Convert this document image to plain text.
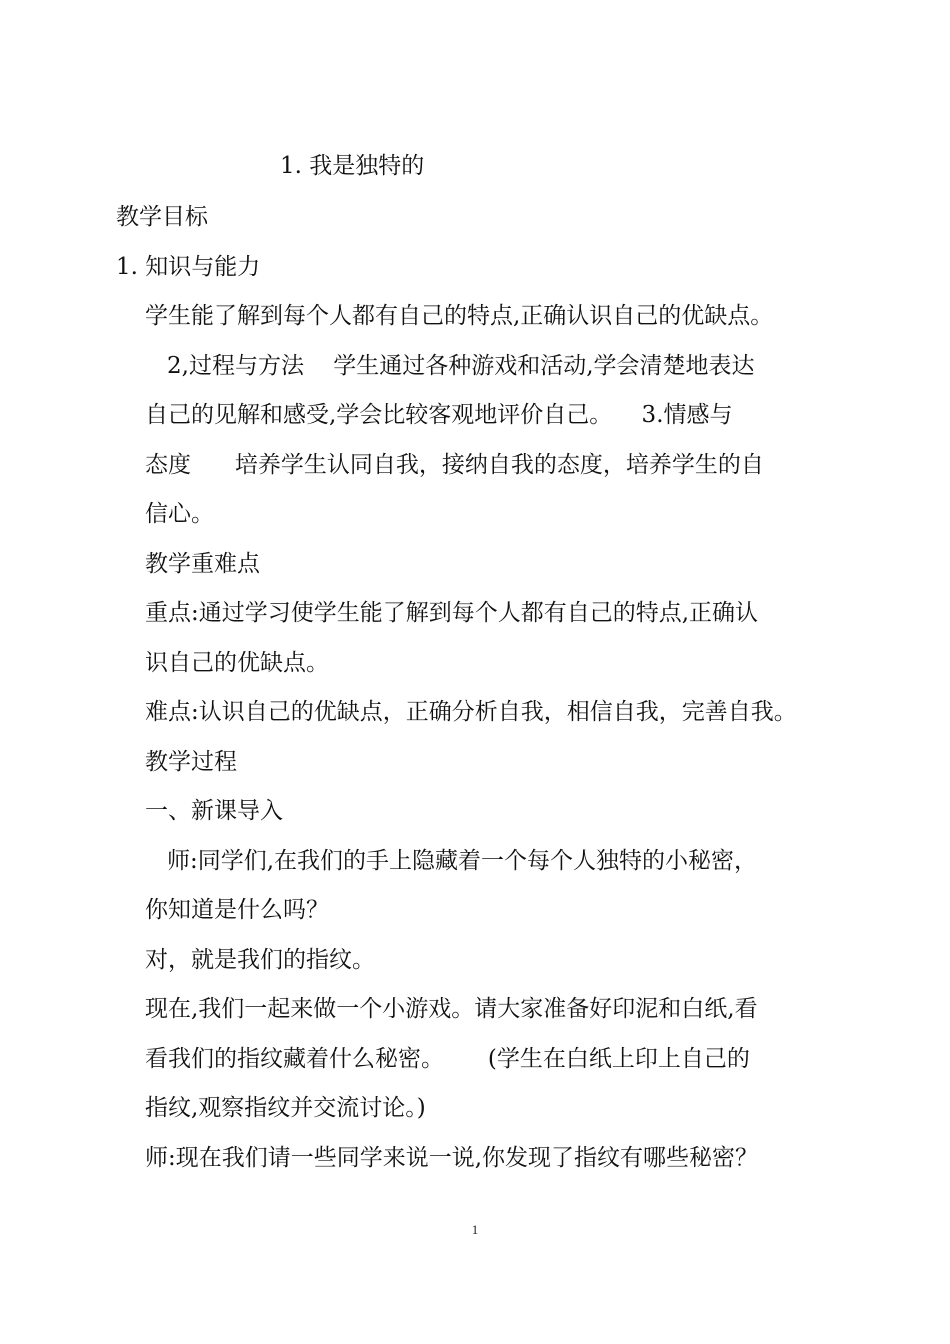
1. 我是独特的
教学目标
1. 知识与能力
学生能了解到每个人都有自己的特点,正确认识自己的优缺点。
2,过程与方法    学生通过各种游戏和活动,学会清楚地表达
自己的见解和感受,学会比较客观地评价自己。    3.情感与
态度      培养学生认同自我，接纳自我的态度，培养学生的自
信心。
教学重难点
重点:通过学习使学生能了解到每个人都有自己的特点,正确认
识自己的优缺点。
难点:认识自己的优缺点，正确分析自我，相信自我，完善自我。
教学过程
一、新课导入
师:同学们,在我们的手上隐藏着一个每个人独特的小秘密，
你知道是什么吗？
对，就是我们的指纹。
现在,我们一起来做一个小游戏。请大家准备好印泥和白纸,看
看我们的指纹藏着什么秘密。      (学生在白纸上印上自己的
指纹,观察指纹并交流讨论。)
师:现在我们请一些同学来说一说,你发现了指纹有哪些秘密？
1
